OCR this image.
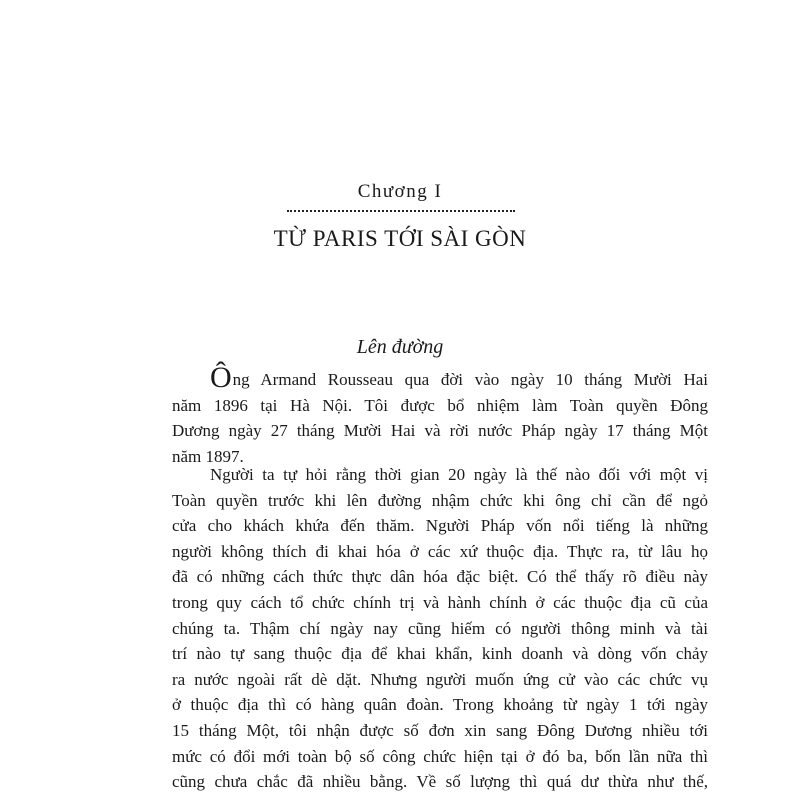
Chương I
TỪ PARIS TỚI SÀI GÒN
Lên đường
Ông Armand Rousseau qua đời vào ngày 10 tháng Mười Hai
năm 1896 tại Hà Nội. Tôi được bổ nhiệm làm Toàn quyền Đông
Dương ngày 27 tháng Mười Hai và rời nước Pháp ngày 17 tháng Một
năm 1897.
Người ta tự hỏi rằng thời gian 20 ngày là thế nào đối với một vị
Toàn quyền trước khi lên đường nhậm chức khi ông chỉ cần để ngỏ
cửa cho khách khứa đến thăm. Người Pháp vốn nổi tiếng là những
người không thích đi khai hóa ở các xứ thuộc địa. Thực ra, từ lâu họ
đã có những cách thức thực dân hóa đặc biệt. Có thể thấy rõ điều này
trong quy cách tổ chức chính trị và hành chính ở các thuộc địa cũ của
chúng ta. Thậm chí ngày nay cũng hiếm có người thông minh và tài
trí nào tự sang thuộc địa để khai khẩn, kinh doanh và dòng vốn chảy
ra nước ngoài rất dè dặt. Nhưng người muốn ứng cử vào các chức vụ
ở thuộc địa thì có hàng quân đoàn. Trong khoảng từ ngày 1 tới ngày
15 tháng Một, tôi nhận được số đơn xin sang Đông Dương nhiều tới
mức có đổi mới toàn bộ số công chức hiện tại ở đó ba, bốn lần nữa thì
cũng chưa chắc đã nhiều bằng. Về số lượng thì quá dư thừa như thế,
